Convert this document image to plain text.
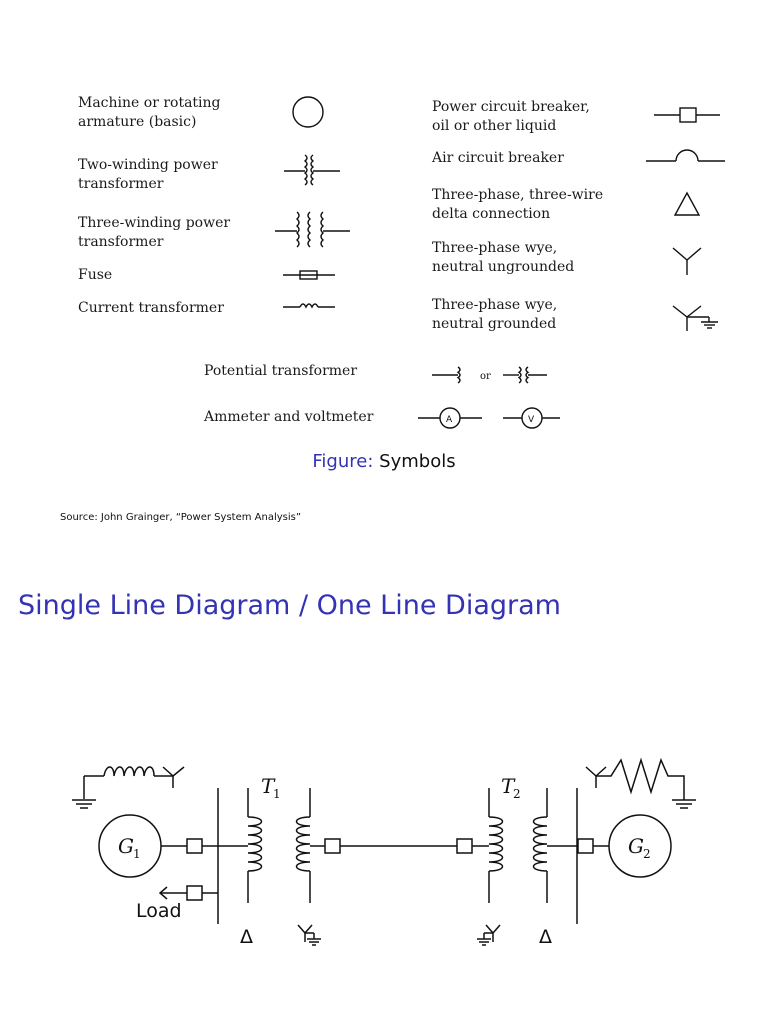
Machine or rotating
armature (basic)
Two-winding power
transformer
Three-winding power
transformer
Fuse
Current transformer
Power circuit breaker,
oil or other liquid
Air circuit breaker
Three-phase, three-wire
delta connection
Three-phase wye,
neutral ungrounded
Three-phase wye,
neutral grounded
Potential transformer
Ammeter and voltmeter
or
A	V
Figure: Symbols
Source: John Grainger, “Power System Analysis”
Single Line Diagram / One Line Diagram
G 1	G 2
T
1	T
2
Load
Δ	Δ
